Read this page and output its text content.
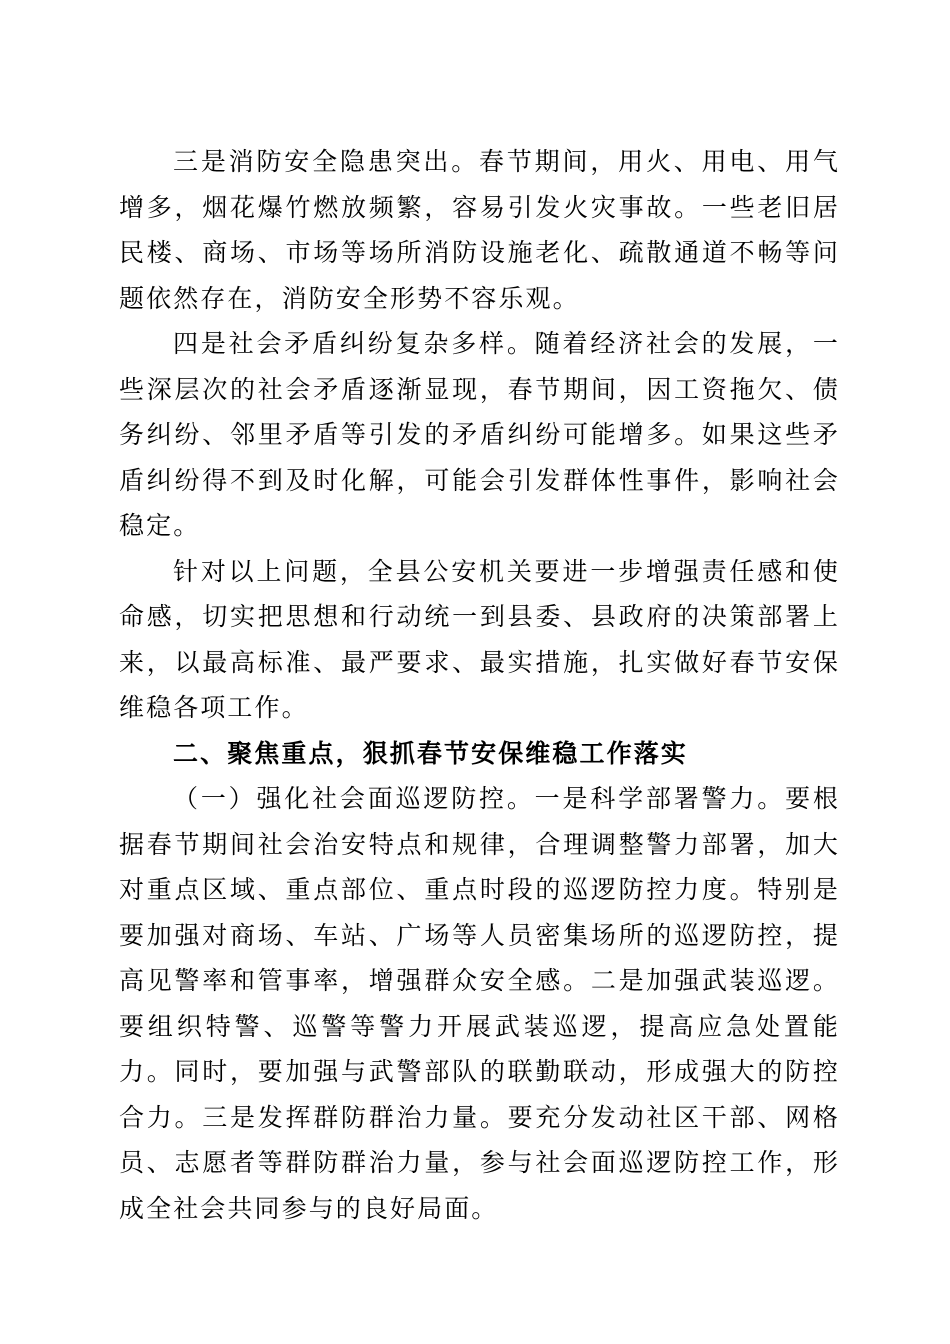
三是消防安全隐患突出。春节期间，用火、用电、用气增多，烟花爆竹燃放频繁，容易引发火灾事故。一些老旧居民楼、商场、市场等场所消防设施老化、疏散通道不畅等问题依然存在，消防安全形势不容乐观。

四是社会矛盾纠纷复杂多样。随着经济社会的发展，一些深层次的社会矛盾逐渐显现，春节期间，因工资拖欠、债务纠纷、邻里矛盾等引发的矛盾纠纷可能增多。如果这些矛盾纠纷得不到及时化解，可能会引发群体性事件，影响社会稳定。

针对以上问题，全县公安机关要进一步增强责任感和使命感，切实把思想和行动统一到县委、县政府的决策部署上来，以最高标准、最严要求、最实措施，扎实做好春节安保维稳各项工作。

二、聚焦重点，狠抓春节安保维稳工作落实

（一）强化社会面巡逻防控。一是科学部署警力。要根据春节期间社会治安特点和规律，合理调整警力部署，加大对重点区域、重点部位、重点时段的巡逻防控力度。特别是要加强对商场、车站、广场等人员密集场所的巡逻防控，提高见警率和管事率，增强群众安全感。二是加强武装巡逻。要组织特警、巡警等警力开展武装巡逻，提高应急处置能力。同时，要加强与武警部队的联勤联动，形成强大的防控合力。三是发挥群防群治力量。要充分发动社区干部、网格员、志愿者等群防群治力量，参与社会面巡逻防控工作，形成全社会共同参与的良好局面。
